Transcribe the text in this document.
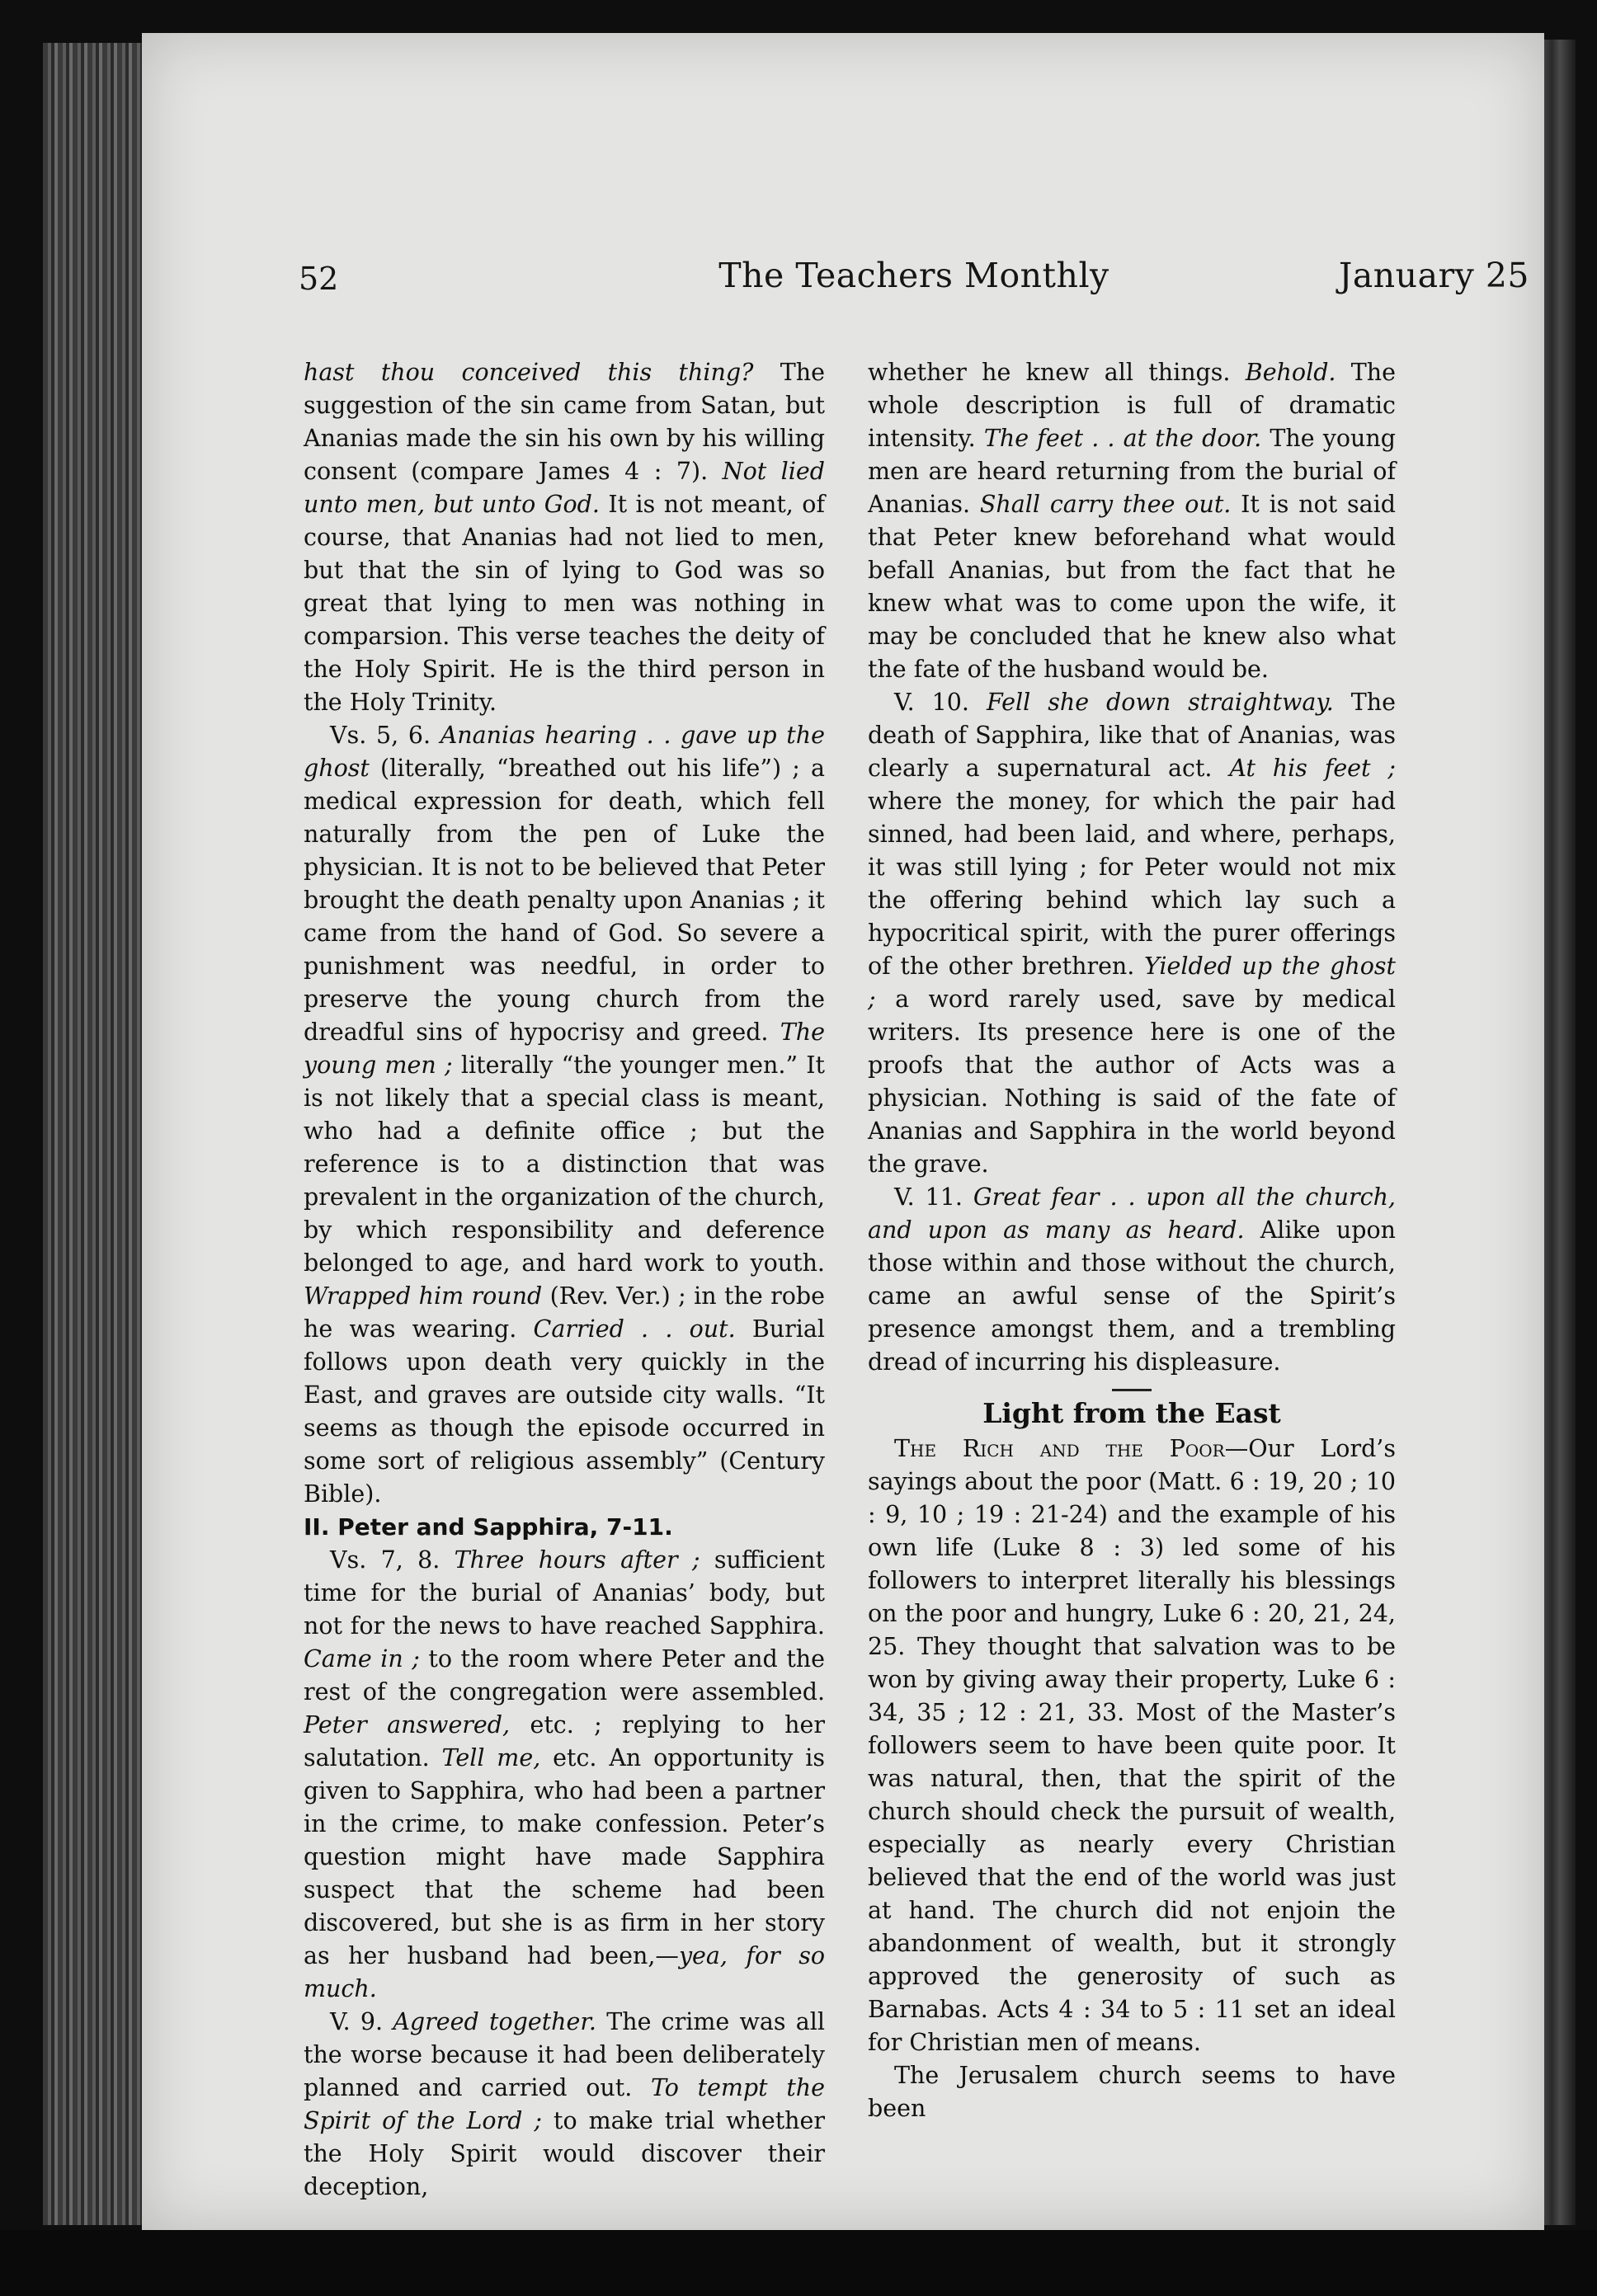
52	The Teachers Monthly	January 25

hast thou conceived this thing? The suggestion of the sin came from Satan, but Ananias made the sin his own by his willing consent (compare James 4 : 7). Not lied unto men, but unto God. It is not meant, of course, that Ananias had not lied to men, but that the sin of lying to God was so great that lying to men was nothing in comparsion. This verse teaches the deity of the Holy Spirit. He is the third person in the Holy Trinity.

Vs. 5, 6. Ananias hearing . . gave up the ghost (literally, “breathed out his life”) ; a medical expression for death, which fell naturally from the pen of Luke the physician. It is not to be believed that Peter brought the death penalty upon Ananias ; it came from the hand of God. So severe a punishment was needful, in order to preserve the young church from the dreadful sins of hypocrisy and greed. The young men ; literally “the younger men.” It is not likely that a special class is meant, who had a definite office ; but the reference is to a distinction that was prevalent in the organization of the church, by which responsibility and deference belonged to age, and hard work to youth. Wrapped him round (Rev. Ver.) ; in the robe he was wearing. Carried . . out. Burial follows upon death very quickly in the East, and graves are outside city walls. “It seems as though the episode occurred in some sort of religious assembly” (Century Bible).

II. Peter and Sapphira, 7-11.

Vs. 7, 8. Three hours after ; sufficient time for the burial of Ananias’ body, but not for the news to have reached Sapphira. Came in ; to the room where Peter and the rest of the congregation were assembled. Peter answered, etc. ; replying to her salutation. Tell me, etc. An opportunity is given to Sapphira, who had been a partner in the crime, to make confession. Peter’s question might have made Sapphira suspect that the scheme had been discovered, but she is as firm in her story as her husband had been,—yea, for so much.

V. 9. Agreed together. The crime was all the worse because it had been deliberately planned and carried out. To tempt the Spirit of the Lord ; to make trial whether the Holy Spirit would discover their deception,

whether he knew all things. Behold. The whole description is full of dramatic intensity. The feet . . at the door. The young men are heard returning from the burial of Ananias. Shall carry thee out. It is not said that Peter knew beforehand what would befall Ananias, but from the fact that he knew what was to come upon the wife, it may be concluded that he knew also what the fate of the husband would be.

V. 10. Fell she down straightway. The death of Sapphira, like that of Ananias, was clearly a supernatural act. At his feet ; where the money, for which the pair had sinned, had been laid, and where, perhaps, it was still lying ; for Peter would not mix the offering behind which lay such a hypocritical spirit, with the purer offerings of the other brethren. Yielded up the ghost ; a word rarely used, save by medical writers. Its presence here is one of the proofs that the author of Acts was a physician. Nothing is said of the fate of Ananias and Sapphira in the world beyond the grave.

V. 11. Great fear . . upon all the church, and upon as many as heard. Alike upon those within and those without the church, came an awful sense of the Spirit’s presence amongst them, and a trembling dread of incurring his displeasure.

Light from the East

The Rich and the Poor—Our Lord’s sayings about the poor (Matt. 6 : 19, 20 ; 10 : 9, 10 ; 19 : 21-24) and the example of his own life (Luke 8 : 3) led some of his followers to interpret literally his blessings on the poor and hungry, Luke 6 : 20, 21, 24, 25. They thought that salvation was to be won by giving away their property, Luke 6 : 34, 35 ; 12 : 21, 33. Most of the Master’s followers seem to have been quite poor. It was natural, then, that the spirit of the church should check the pursuit of wealth, especially as nearly every Christian believed that the end of the world was just at hand. The church did not enjoin the abandonment of wealth, but it strongly approved the generosity of such as Barnabas. Acts 4 : 34 to 5 : 11 set an ideal for Christian men of means.

The Jerusalem church seems to have been
